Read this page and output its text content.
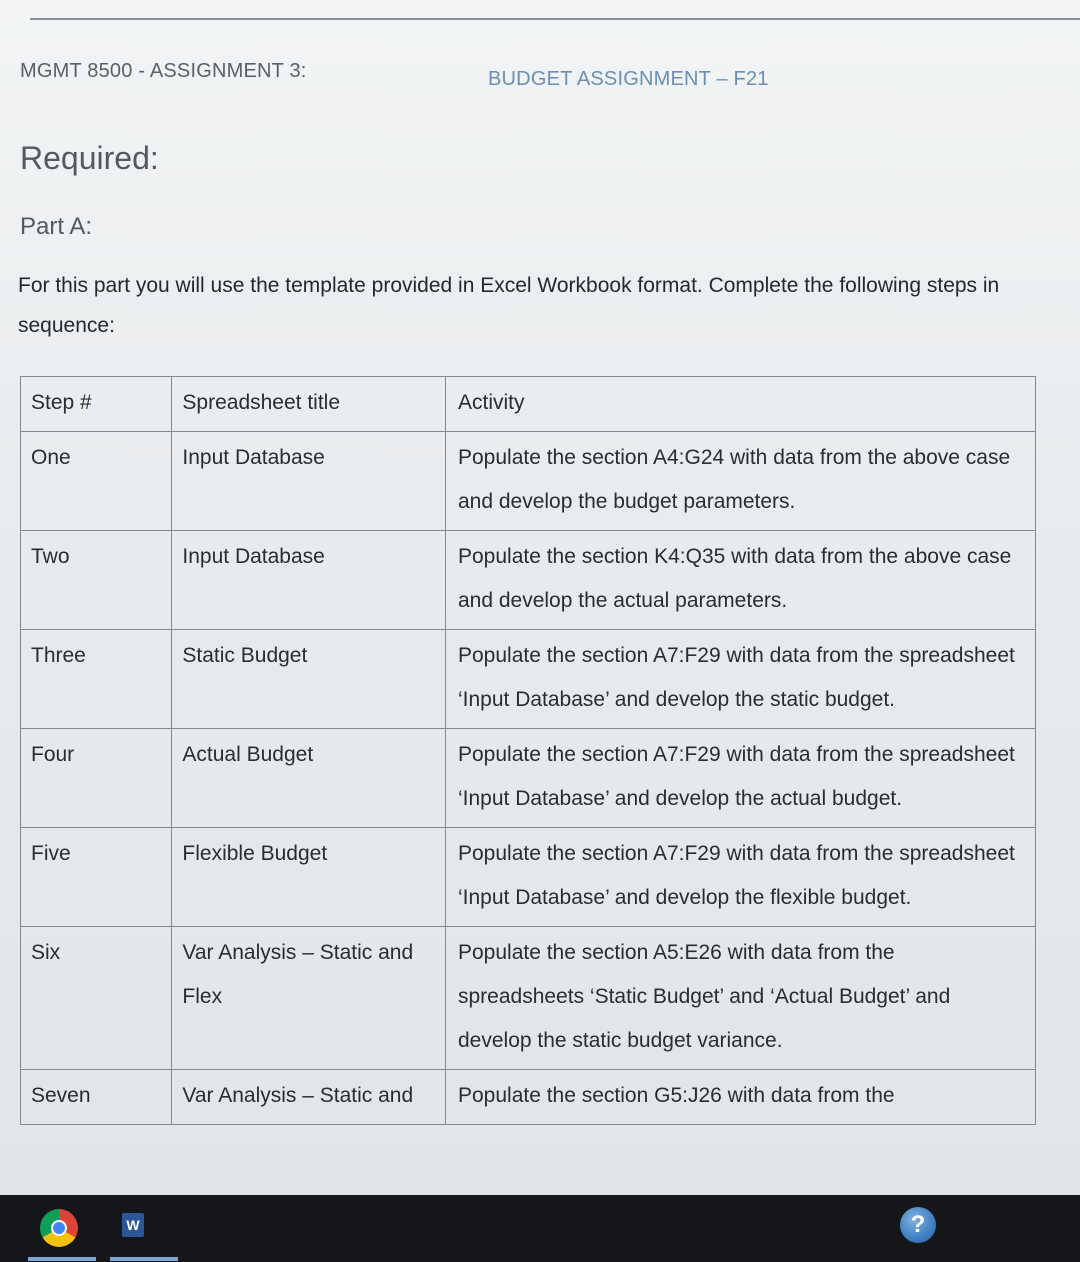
MGMT 8500 - ASSIGNMENT 3:	BUDGET ASSIGNMENT – F21
Required:
Part A:
For this part you will use the template provided in Excel Workbook format. Complete the following steps in sequence:
Step #	Spreadsheet title	Activity
One	Input Database	Populate the section A4:G24 with data from the above case and develop the budget parameters.
Two	Input Database	Populate the section K4:Q35 with data from the above case and develop the actual parameters.
Three	Static Budget	Populate the section A7:F29 with data from the spreadsheet ‘Input Database’ and develop the static budget.
Four	Actual Budget	Populate the section A7:F29 with data from the spreadsheet ‘Input Database’ and develop the actual budget.
Five	Flexible Budget	Populate the section A7:F29 with data from the spreadsheet ‘Input Database’ and develop the flexible budget.
Six	Var Analysis – Static and Flex	Populate the section A5:E26 with data from the spreadsheets ‘Static Budget’ and ‘Actual Budget’ and develop the static budget variance.
Seven	Var Analysis – Static and	Populate the section G5:J26 with data from the
W	?
